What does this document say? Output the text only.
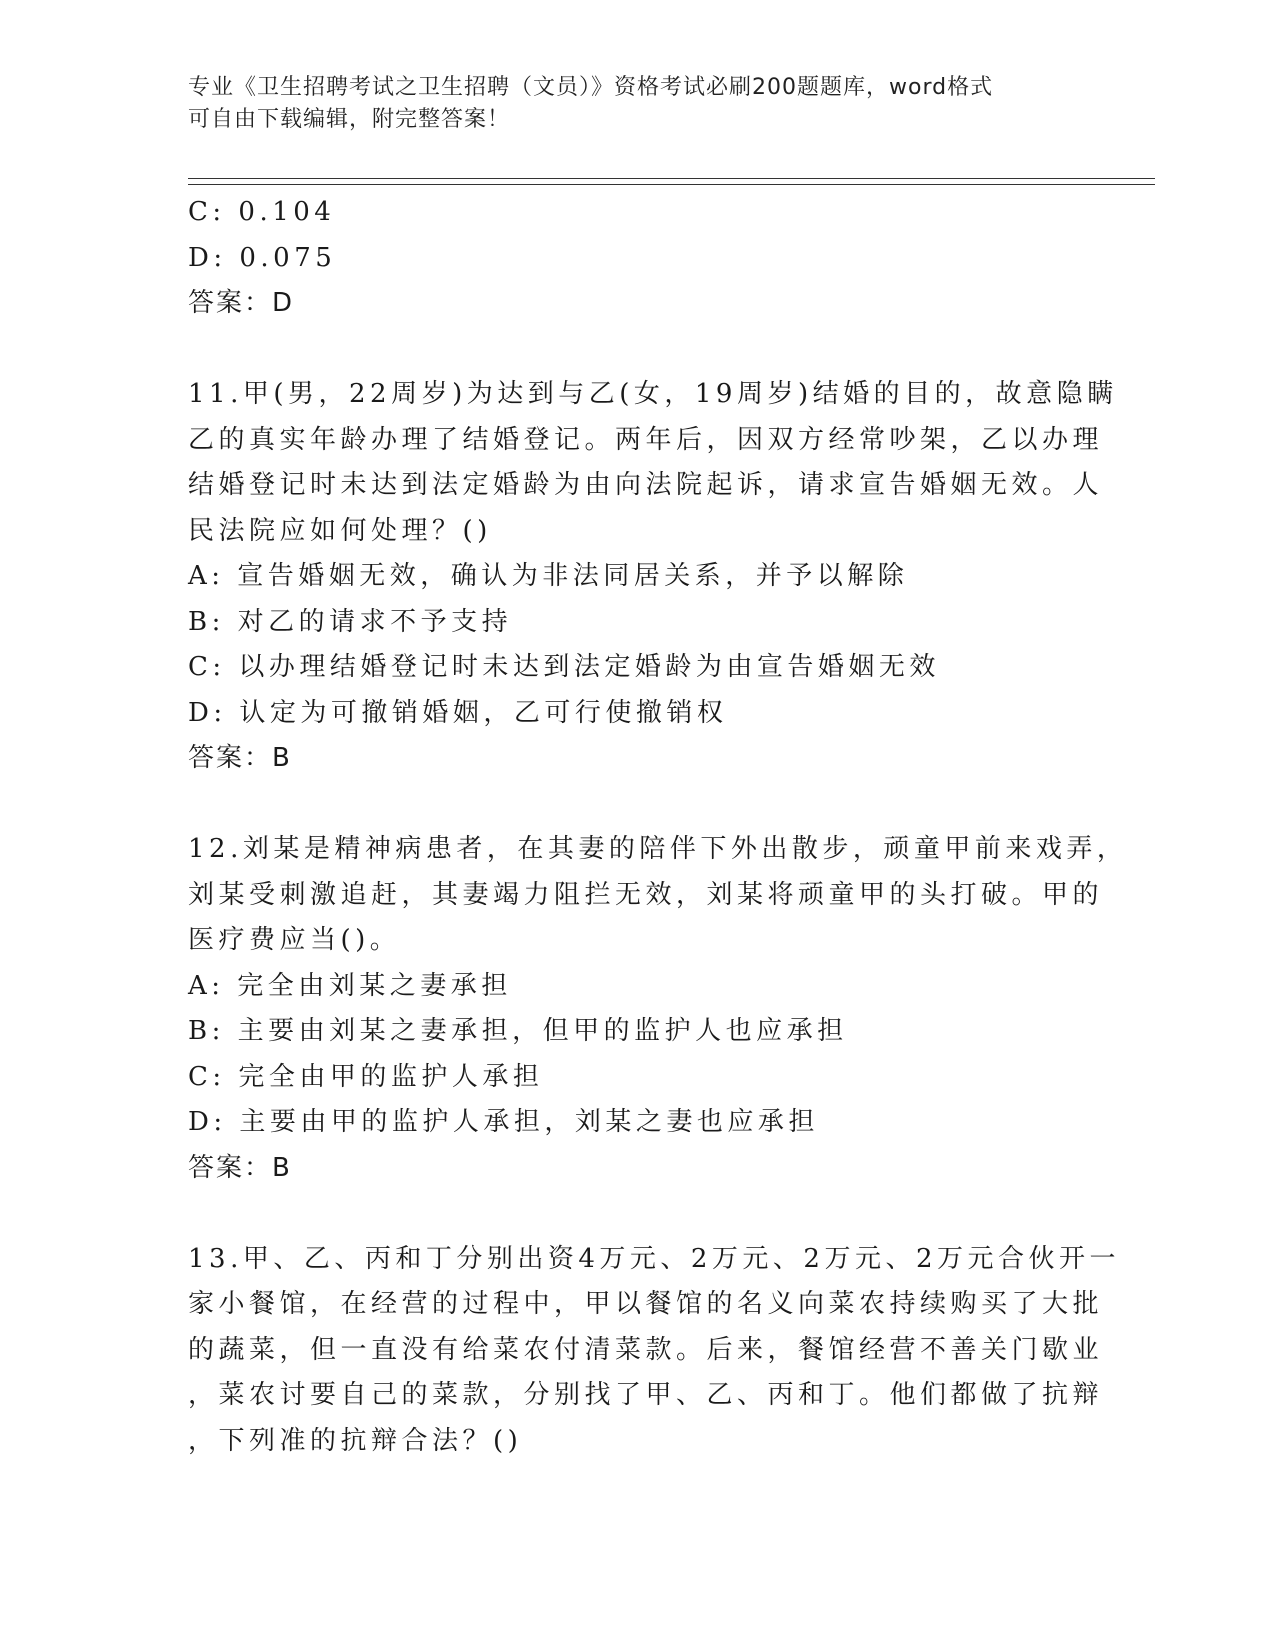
专业《卫生招聘考试之卫生招聘（文员）》资格考试必刷200题题库，word格式
可自由下载编辑，附完整答案！
C: 0.104
D: 0.075
答案：D
11.甲(男，22周岁)为达到与乙(女，19周岁)结婚的目的，故意隐瞒
乙的真实年龄办理了结婚登记。两年后，因双方经常吵架，乙以办理
结婚登记时未达到法定婚龄为由向法院起诉，请求宣告婚姻无效。人
民法院应如何处理？()
A: 宣告婚姻无效，确认为非法同居关系，并予以解除
B: 对乙的请求不予支持
C: 以办理结婚登记时未达到法定婚龄为由宣告婚姻无效
D: 认定为可撤销婚姻，乙可行使撤销权
答案：B
12.刘某是精神病患者，在其妻的陪伴下外出散步，顽童甲前来戏弄，
刘某受刺激追赶，其妻竭力阻拦无效，刘某将顽童甲的头打破。甲的
医疗费应当()。
A: 完全由刘某之妻承担
B: 主要由刘某之妻承担，但甲的监护人也应承担
C: 完全由甲的监护人承担
D: 主要由甲的监护人承担，刘某之妻也应承担
答案：B
13.甲、乙、丙和丁分别出资4万元、2万元、2万元、2万元合伙开一
家小餐馆，在经营的过程中，甲以餐馆的名义向菜农持续购买了大批
的蔬菜，但一直没有给菜农付清菜款。后来，餐馆经营不善关门歇业
，菜农讨要自己的菜款，分别找了甲、乙、丙和丁。他们都做了抗辩
，下列准的抗辩合法？()
